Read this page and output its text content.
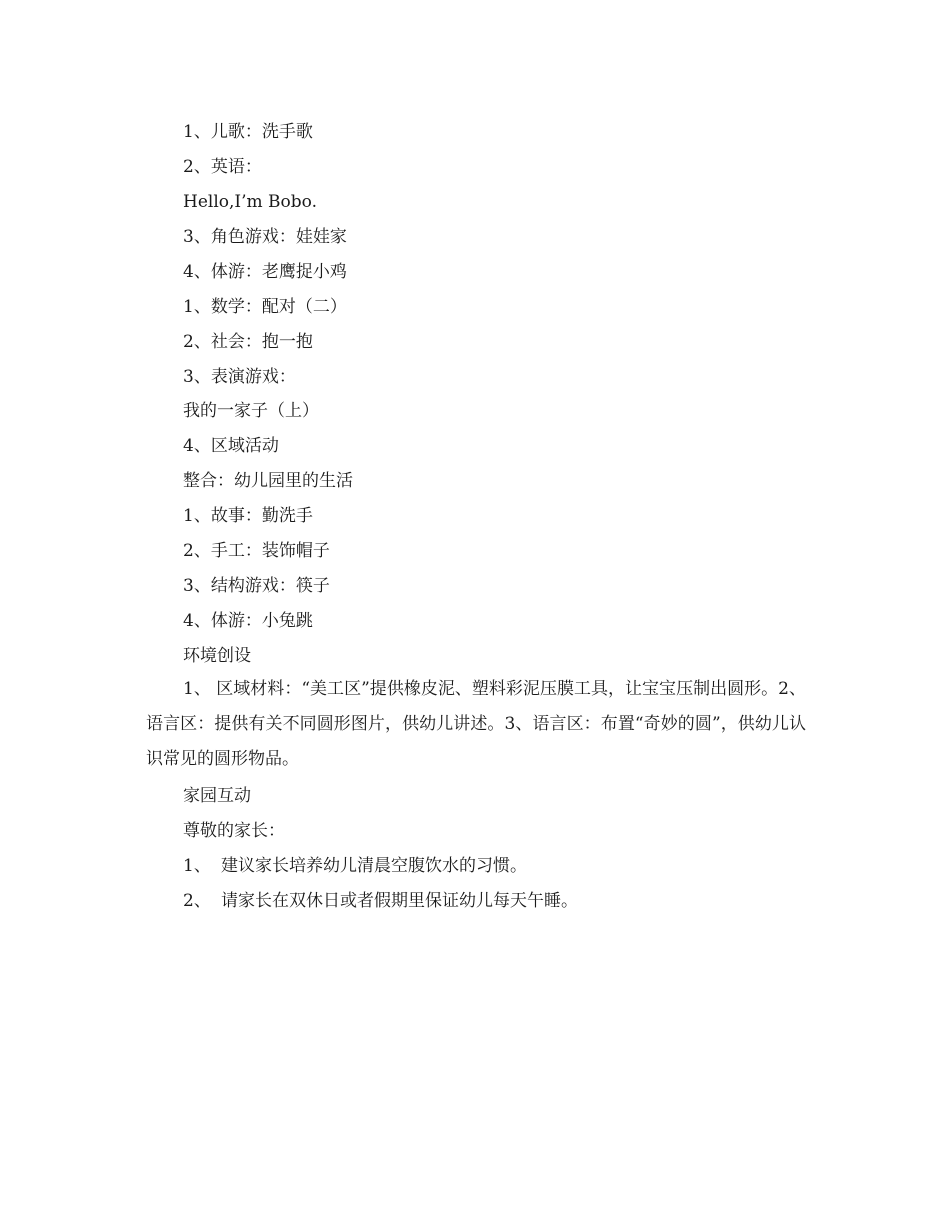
1、儿歌：洗手歌
2、英语：
Hello,I’m Bobo.
3、角色游戏：娃娃家
4、体游：老鹰捉小鸡
1、数学：配对（二）
2、社会：抱一抱
3、表演游戏：
我的一家子（上）
4、区域活动
整合：幼儿园里的生活
1、故事：勤洗手
2、手工：装饰帽子
3、结构游戏：筷子
4、体游：小兔跳
环境创设
1、 区域材料：“美工区”提供橡皮泥、塑料彩泥压膜工具，让宝宝压制出圆形。2、语言区：提供有关不同圆形图片，供幼儿讲述。3、语言区：布置“奇妙的圆”，供幼儿认识常见的圆形物品。
家园互动
尊敬的家长：
1、 建议家长培养幼儿清晨空腹饮水的习惯。
2、 请家长在双休日或者假期里保证幼儿每天午睡。
